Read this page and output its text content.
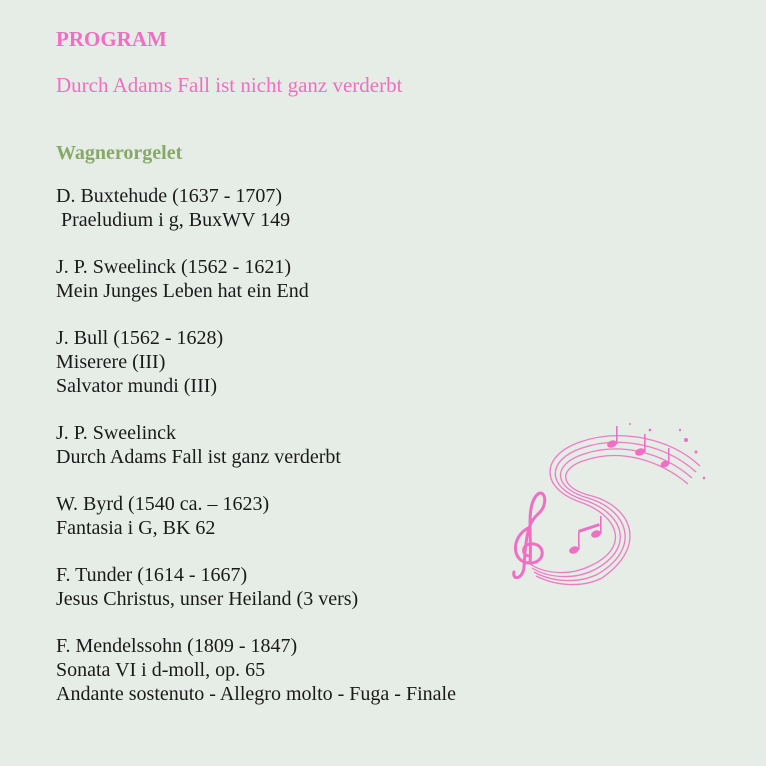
PROGRAM
Durch Adams Fall ist nicht ganz verderbt
Wagnerorgelet
D. Buxtehude (1637 - 1707)
Praeludium i g, BuxWV 149
J. P. Sweelinck (1562 - 1621)
Mein Junges Leben hat ein End
J. Bull (1562 - 1628)
Miserere (III)
Salvator mundi (III)
J. P. Sweelinck
Durch Adams Fall ist ganz verderbt
W. Byrd (1540 ca. – 1623)
Fantasia i G, BK 62
F. Tunder (1614 - 1667)
Jesus Christus, unser Heiland (3 vers)
F. Mendelssohn (1809 - 1847)
Sonata VI i d-moll, op. 65
Andante sostenuto - Allegro molto - Fuga - Finale
